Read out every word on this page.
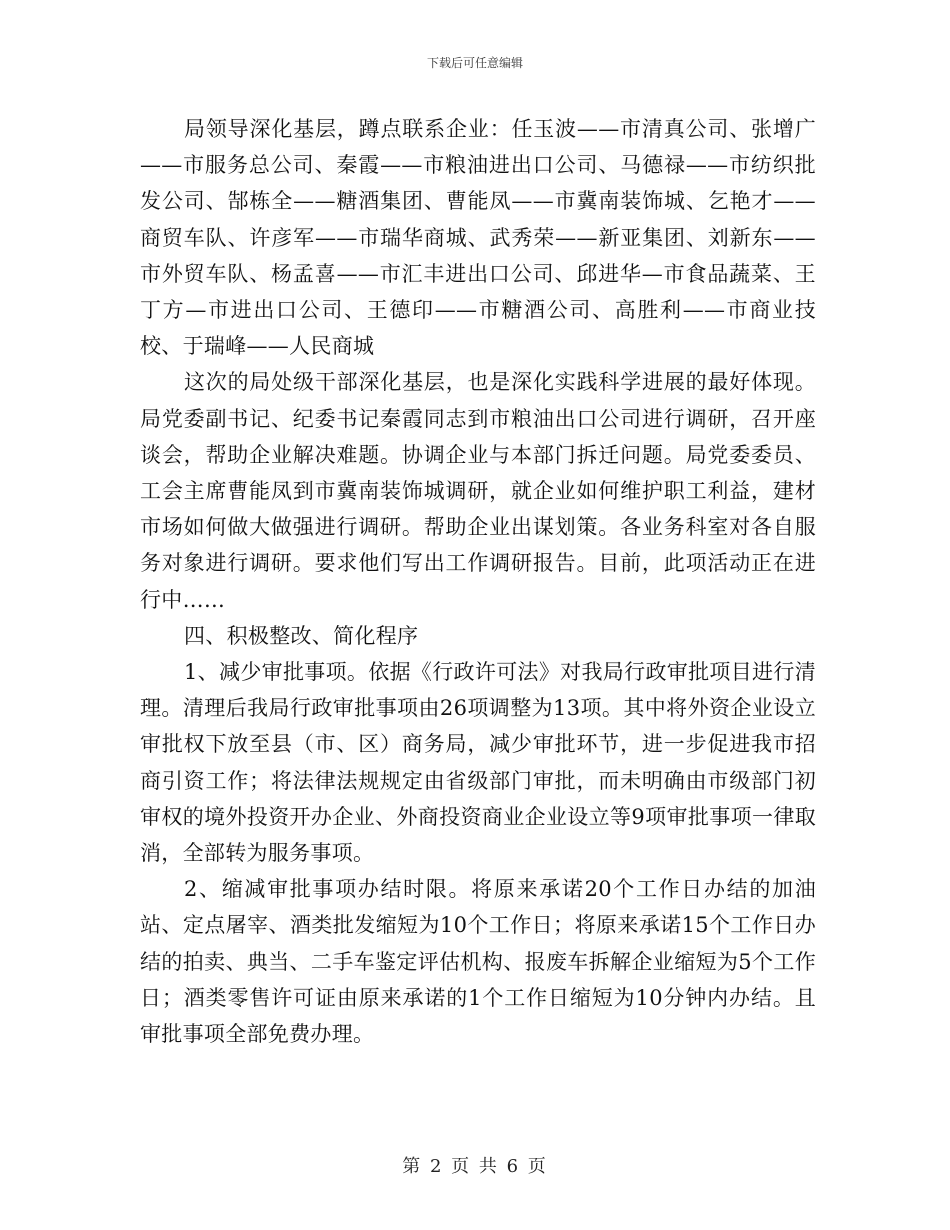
下载后可任意编辑

局领导深化基层，蹲点联系企业：任玉波——市清真公司、张增广——市服务总公司、秦霞——市粮油进出口公司、马德禄——市纺织批发公司、郜栋全——糖酒集团、曹能凤——市冀南装饰城、乞艳才——商贸车队、许彦军——市瑞华商城、武秀荣——新亚集团、刘新东——市外贸车队、杨孟喜——市汇丰进出口公司、邱进华—市食品蔬菜、王丁方—市进出口公司、王德印——市糖酒公司、高胜利——市商业技校、于瑞峰——人民商城

这次的局处级干部深化基层，也是深化实践科学进展的最好体现。局党委副书记、纪委书记秦霞同志到市粮油出口公司进行调研，召开座谈会，帮助企业解决难题。协调企业与本部门拆迁问题。局党委委员、工会主席曹能凤到市冀南装饰城调研，就企业如何维护职工利益，建材市场如何做大做强进行调研。帮助企业出谋划策。各业务科室对各自服务对象进行调研。要求他们写出工作调研报告。目前，此项活动正在进行中……

四、积极整改、简化程序

1、减少审批事项。依据《行政许可法》对我局行政审批项目进行清理。清理后我局行政审批事项由26项调整为13项。其中将外资企业设立审批权下放至县（市、区）商务局，减少审批环节，进一步促进我市招商引资工作；将法律法规规定由省级部门审批，而未明确由市级部门初审权的境外投资开办企业、外商投资商业企业设立等9项审批事项一律取消，全部转为服务事项。

2、缩减审批事项办结时限。将原来承诺20个工作日办结的加油站、定点屠宰、酒类批发缩短为10个工作日；将原来承诺15个工作日办结的拍卖、典当、二手车鉴定评估机构、报废车拆解企业缩短为5个工作日；酒类零售许可证由原来承诺的1个工作日缩短为10分钟内办结。且审批事项全部免费办理。

第 2 页 共 6 页
